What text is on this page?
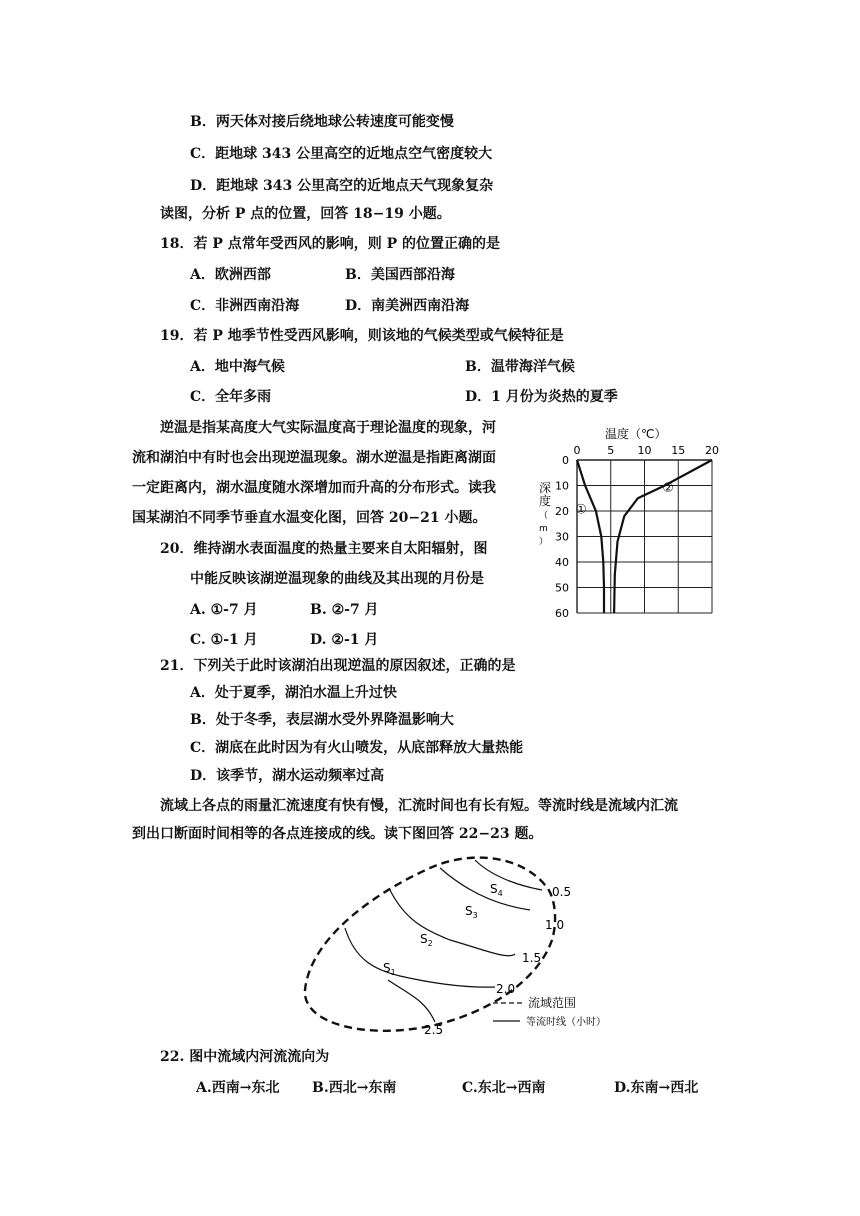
B．两天体对接后绕地球公转速度可能变慢
C．距地球 343 公里高空的近地点空气密度较大
D．距地球 343 公里高空的近地点天气现象复杂
读图，分析 P 点的位置，回答 18−19 小题。
18．若 P 点常年受西风的影响，则 P 的位置正确的是
A．欧洲西部	B．美国西部沿海
C．非洲西南沿海	D．南美洲西南沿海
19．若 P 地季节性受西风影响，则该地的气候类型或气候特征是
A．地中海气候	B．温带海洋气候
C．全年多雨	D．1 月份为炎热的夏季
逆温是指某高度大气实际温度高于理论温度的现象，河
流和湖泊中有时也会出现逆温现象。湖水逆温是指距离湖面
一定距离内，湖水温度随水深增加而升高的分布形式。读我
国某湖泊不同季节垂直水温变化图，回答 20−21 小题。
20．维持湖水表面温度的热量主要来自太阳辐射，图
中能反映该湖逆温现象的曲线及其出现的月份是
A. ①-7 月	B. ②-7 月
C. ①-1 月	D. ②-1 月
21．下列关于此时该湖泊出现逆温的原因叙述，正确的是
A．处于夏季，湖泊水温上升过快
B．处于冬季，表层湖水受外界降温影响大
C．湖底在此时因为有火山喷发，从底部释放大量热能
D．该季节，湖水运动频率过高
流域上各点的雨量汇流速度有快有慢，汇流时间也有长有短。等流时线是流域内汇流
到出口断面时间相等的各点连接成的线。读下图回答 22−23 题。
温度（℃）
0 5 10 15 20
0
10
20
30
40
50
60
深度（ m ）
①
②
0.5
1.0
1.5
2.0
2.5
$S_4$
$S_3$
$S_2$
$S_1$
流域范围
等流时线（小时）
22. 图中流域内河流流向为
A.西南→东北 B.西北→东南	C.东北→西南	D.东南→西北
